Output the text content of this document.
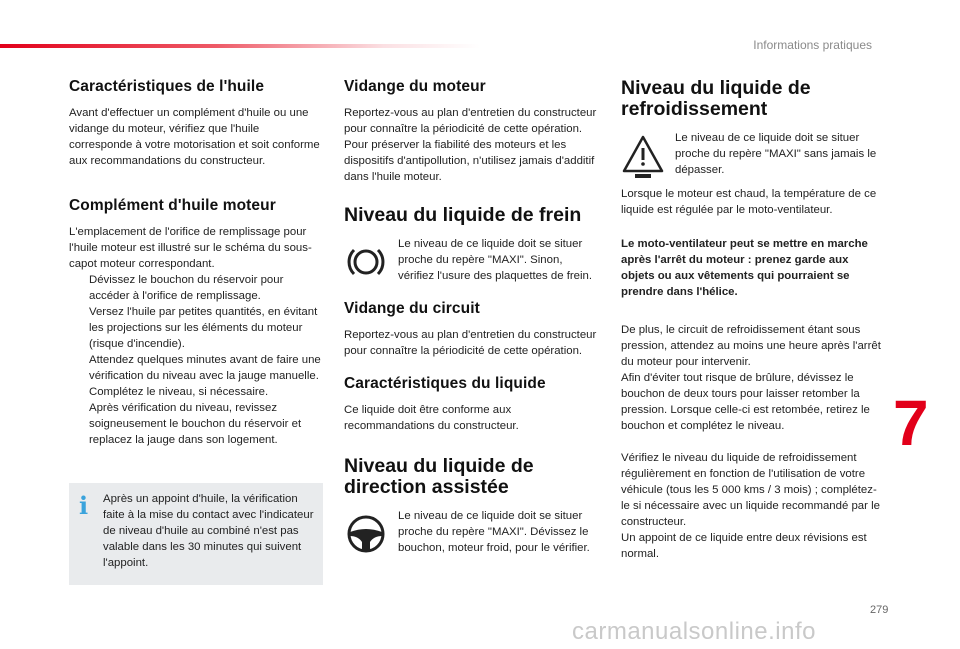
Informations pratiques
Caractéristiques de l'huile

Avant d'effectuer un complément d'huile ou une vidange du moteur, vérifiez que l'huile corresponde à votre motorisation et soit conforme aux recommandations du constructeur.

Complément d'huile moteur

L'emplacement de l'orifice de remplissage pour l'huile moteur est illustré sur le schéma du sous-capot moteur correspondant.

Dévissez le bouchon du réservoir pour accéder à l'orifice de remplissage.
Versez l'huile par petites quantités, en évitant les projections sur les éléments du moteur (risque d'incendie).
Attendez quelques minutes avant de faire une vérification du niveau avec la jauge manuelle.
Complétez le niveau, si nécessaire.
Après vérification du niveau, revissez soigneusement le bouchon du réservoir et replacez la jauge dans son logement.
i Après un appoint d'huile, la vérification faite à la mise du contact avec l'indicateur de niveau d'huile au combiné n'est pas valable dans les 30 minutes qui suivent l'appoint.
Vidange du moteur

Reportez-vous au plan d'entretien du constructeur pour connaître la périodicité de cette opération.

Pour préserver la fiabilité des moteurs et les dispositifs d'antipollution, n'utilisez jamais d'additif dans l'huile moteur.

Niveau du liquide de frein
Le niveau de ce liquide doit se situer proche du repère "MAXI". Sinon, vérifiez l'usure des plaquettes de frein.
Vidange du circuit

Reportez-vous au plan d'entretien du constructeur pour connaître la périodicité de cette opération.

Caractéristiques du liquide

Ce liquide doit être conforme aux recommandations du constructeur.

Niveau du liquide de direction assistée
Le niveau de ce liquide doit se situer proche du repère "MAXI". Dévissez le bouchon, moteur froid, pour le vérifier.
Niveau du liquide de refroidissement
Le niveau de ce liquide doit se situer proche du repère "MAXI" sans jamais le dépasser.

Lorsque le moteur est chaud, la température de ce liquide est régulée par le moto-ventilateur.

Le moto-ventilateur peut se mettre en marche après l'arrêt du moteur : prenez garde aux objets ou aux vêtements qui pourraient se prendre dans l'hélice.

De plus, le circuit de refroidissement étant sous pression, attendez au moins une heure après l'arrêt du moteur pour intervenir.

Afin d'éviter tout risque de brûlure, dévissez le bouchon de deux tours pour laisser retomber la pression. Lorsque celle-ci est retombée, retirez le bouchon et complétez le niveau.

Vérifiez le niveau du liquide de refroidissement régulièrement en fonction de l'utilisation de votre véhicule (tous les 5 000 kms / 3 mois) ; complétez-le si nécessaire avec un liquide recommandé par le constructeur.

Un appoint de ce liquide entre deux révisions est normal.

7
279
carmanualsonline.info
